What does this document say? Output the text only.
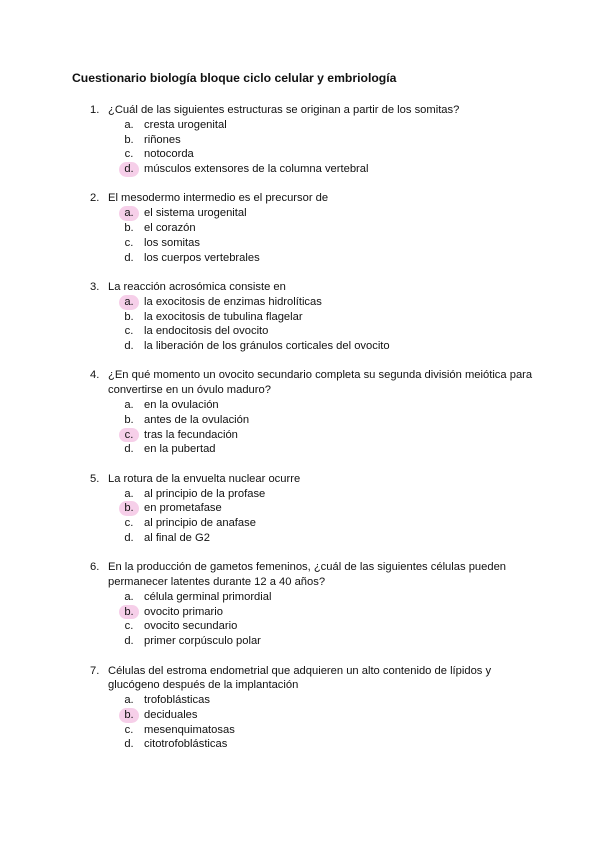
Cuestionario biología bloque ciclo celular y embriología
1. ¿Cuál de las siguientes estructuras se originan a partir de los somitas?
a. cresta urogenital
b. riñones
c. notocorda
d. músculos extensores de la columna vertebral
2. El mesodermo intermedio es el precursor de
a. el sistema urogenital
b. el corazón
c. los somitas
d. los cuerpos vertebrales
3. La reacción acrosómica consiste en
a. la exocitosis de enzimas hidrolíticas
b. la exocitosis de tubulina flagelar
c. la endocitosis del ovocito
d. la liberación de los gránulos corticales del ovocito
4. ¿En qué momento un ovocito secundario completa su segunda división meiótica para convertirse en un óvulo maduro?
a. en la ovulación
b. antes de la ovulación
c. tras la fecundación
d. en la pubertad
5. La rotura de la envuelta nuclear ocurre
a. al principio de la profase
b. en prometafase
c. al principio de anafase
d. al final de G2
6. En la producción de gametos femeninos, ¿cuál de las siguientes células pueden permanecer latentes durante 12 a 40 años?
a. célula germinal primordial
b. ovocito primario
c. ovocito secundario
d. primer corpúsculo polar
7. Células del estroma endometrial que adquieren un alto contenido de lípidos y glucógeno después de la implantación
a. trofoblásticas
b. deciduales
c. mesenquimatosas
d. citotrofoblásticas
